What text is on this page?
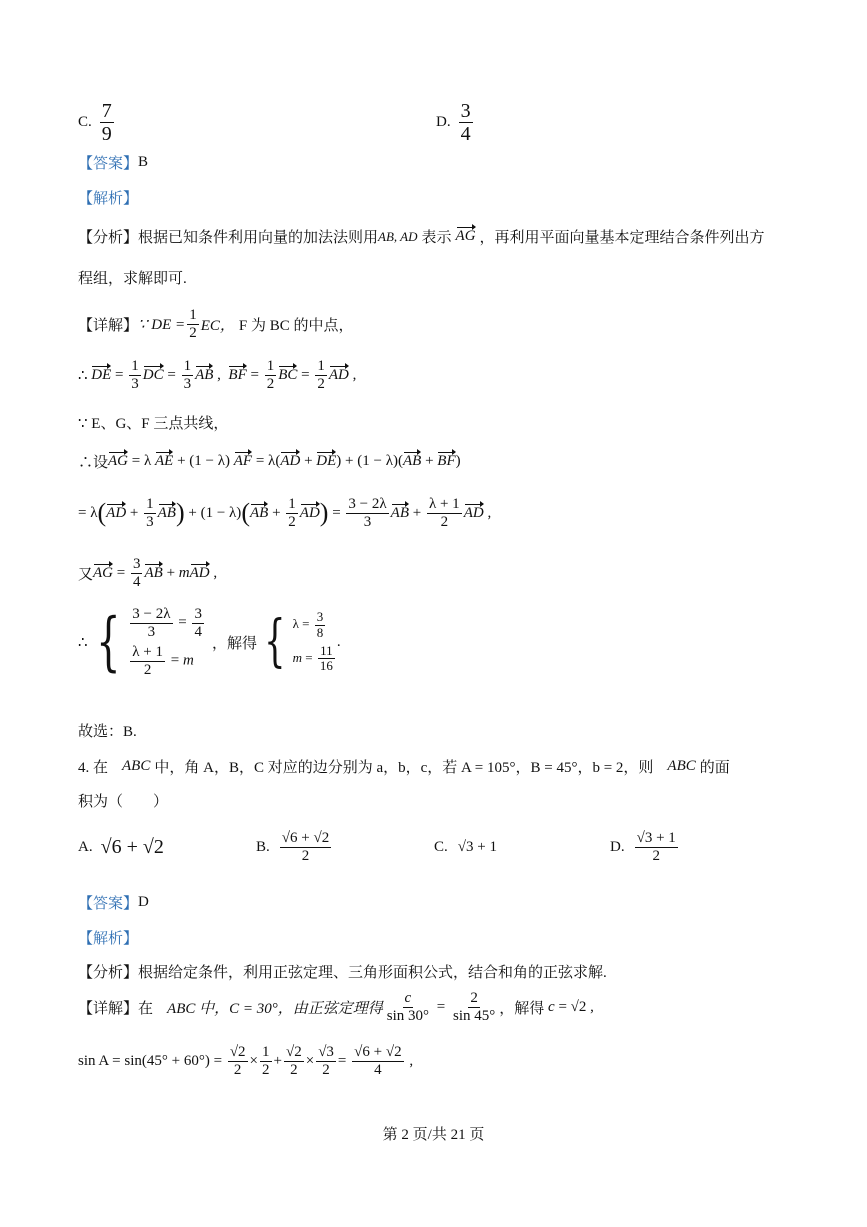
C. $\frac{7}{9}$	D. $\frac{3}{4}$
【答案】 B
【解析】
【分析】 根据已知条件利用向量的加法法则用 AB, AD 表示 AG ，再利用平面向量基本定理结合条件列出方
程组，求解即可.
【详解】 ∵ DE = $\frac{1}{2}$ EC， F 为 BC 的中点，
∴ DE = $\frac{1}{3}$ DC = $\frac{1}{3}$ AB , BF = $\frac{1}{2}$ BC = $\frac{1}{2}$ AD ,
∵ E、G、F 三点共线，
∴设 AG = λ AE + (1 − λ) AF = λ( AD + DE ) + (1 − λ)( AB + BF )
= λ ( AD + $\frac{1}{3}$ AB ) + (1 − λ) ( AB + $\frac{1}{2}$ AD ) = $\frac{3 - 2\lambda}{3}$ AB + $\frac{\lambda + 1}{2}$ AD ,
又 AG = $\frac{3}{4}$ AB + m AD ,
∴ { $\frac{3 - 2\lambda}{3} = \frac{3}{4}$
$\frac{\lambda + 1}{2} = m$
，解得 { $\lambda = \frac{3}{8}$
$m = \frac{11}{16}$
.
故选：B.
4. 在 ABC 中，角 A，B，C 对应的边分别为 a，b，c，若 A = 105°，B = 45°，b = 2，则 ABC 的面
积为（　　）
A. √6 + √2	B. $\frac{√6 + √2}{2}$	C. √3 + 1	D. $\frac{√3 + 1}{2}$
【答案】 D
【解析】
【分析】 根据给定条件，利用正弦定理、三角形面积公式，结合和角的正弦求解.
【详解】 在 ABC 中，C = 30°，由正弦定理得 $\frac{c}{\sin 30^\circ} = \frac{2}{\sin 45^\circ}$ ，解得 c = √2 ,
sin A = sin(45° + 60°) =
$\frac{√2}{2} \times \frac{1}{2} + \frac{√2}{2} \times \frac{√3}{2} = \frac{√6 + √2}{4}$ ,
第 2 页/共 21 页
